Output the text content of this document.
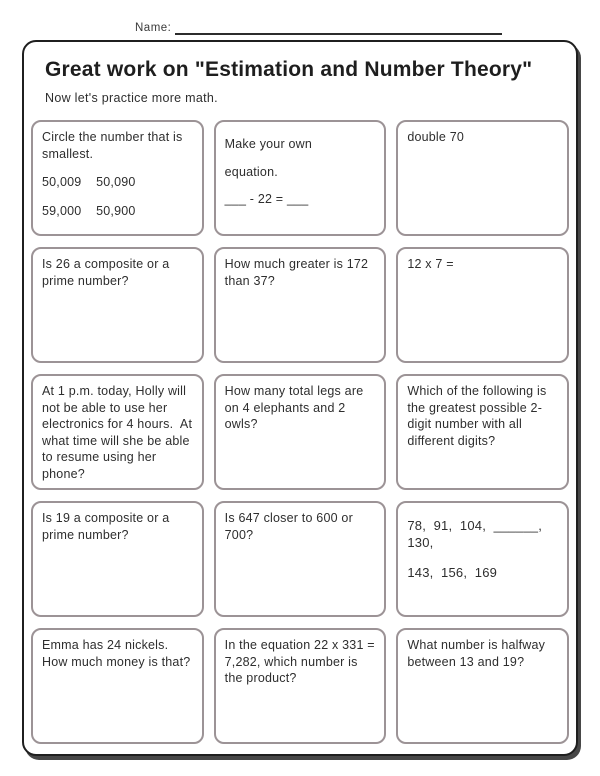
Name:
Great work on "Estimation and Number Theory"

Now let's practice more math.

Circle the number that is smallest.
50,009    50,090
59,000    50,900
Make your own
equation.
___ - 22 = ___
double 70
Is 26 a composite or a prime number?
How much greater is 172 than 37?
12 x 7 =
At 1 p.m. today, Holly will not be able to use her electronics for 4 hours.  At what time will she be able to resume using her phone?
How many total legs are on 4 elephants and 2 owls?
Which of the following is the greatest possible 2-digit number with all different digits?
Is 19 a composite or a prime number?
Is 647 closer to 600 or 700?
78,  91,  104,  ______,  130,
143,  156,  169
Emma has 24 nickels.  How much money is that?
In the equation 22 x 331 = 7,282, which number is the product?
What number is halfway between 13 and 19?
